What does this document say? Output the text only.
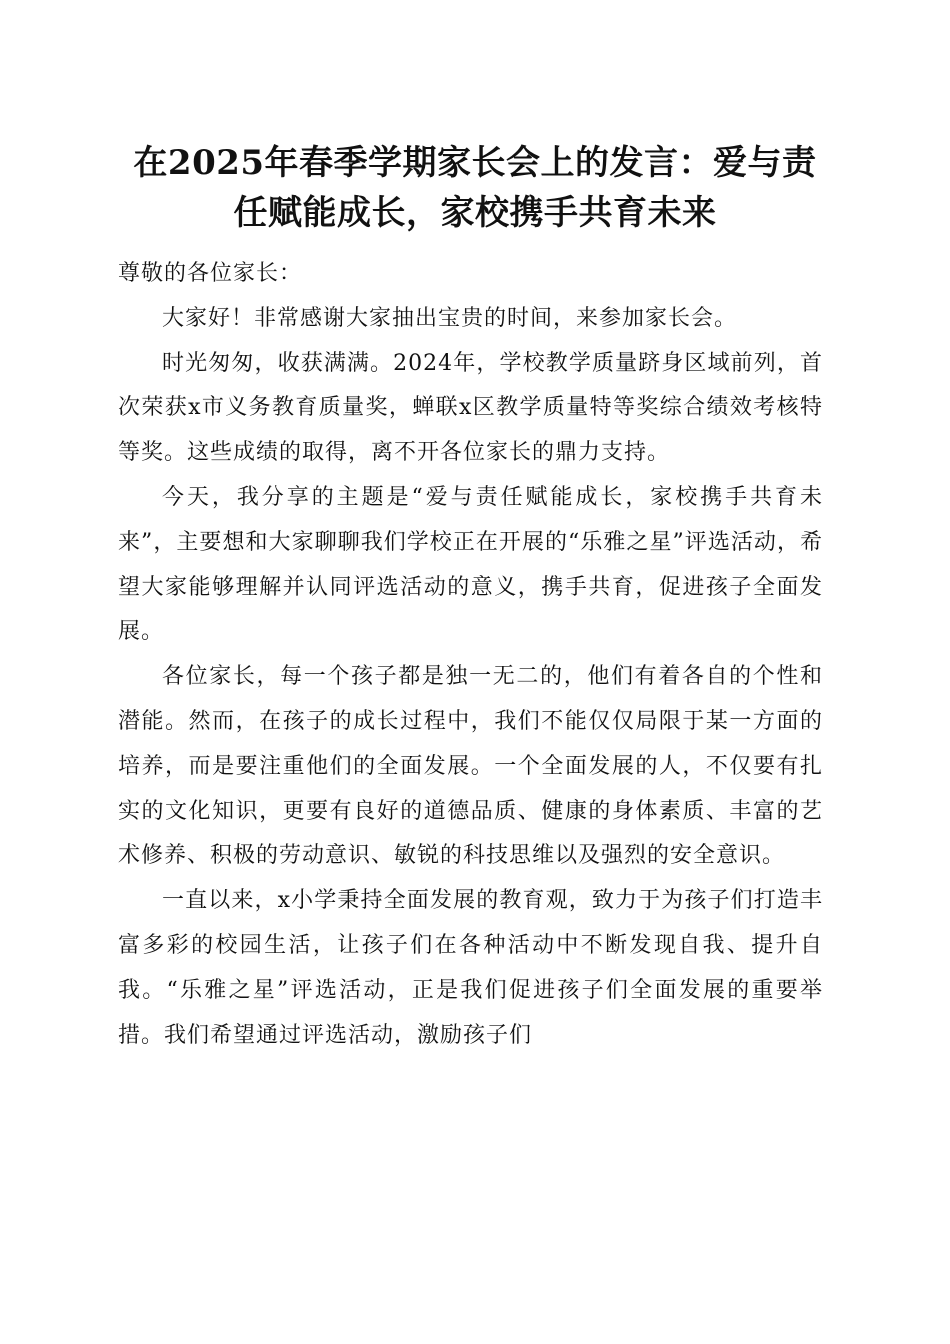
在2025年春季学期家长会上的发言：爱与责
任赋能成长，家校携手共育未来

尊敬的各位家长：

大家好！非常感谢大家抽出宝贵的时间，来参加家长会。

时光匆匆，收获满满。2024年，学校教学质量跻身区域前列，首次荣获x市义务教育质量奖，蝉联x区教学质量特等奖综合绩效考核特等奖。这些成绩的取得，离不开各位家长的鼎力支持。

今天，我分享的主题是“爱与责任赋能成长，家校携手共育未来”，主要想和大家聊聊我们学校正在开展的“乐雅之星”评选活动，希望大家能够理解并认同评选活动的意义，携手共育，促进孩子全面发展。

各位家长，每一个孩子都是独一无二的，他们有着各自的个性和潜能。然而，在孩子的成长过程中，我们不能仅仅局限于某一方面的培养，而是要注重他们的全面发展。一个全面发展的人，不仅要有扎实的文化知识，更要有良好的道德品质、健康的身体素质、丰富的艺术修养、积极的劳动意识、敏锐的科技思维以及强烈的安全意识。

一直以来，x小学秉持全面发展的教育观，致力于为孩子们打造丰富多彩的校园生活，让孩子们在各种活动中不断发现自我、提升自我。“乐雅之星”评选活动，正是我们促进孩子们全面发展的重要举措。我们希望通过评选活动，激励孩子们
